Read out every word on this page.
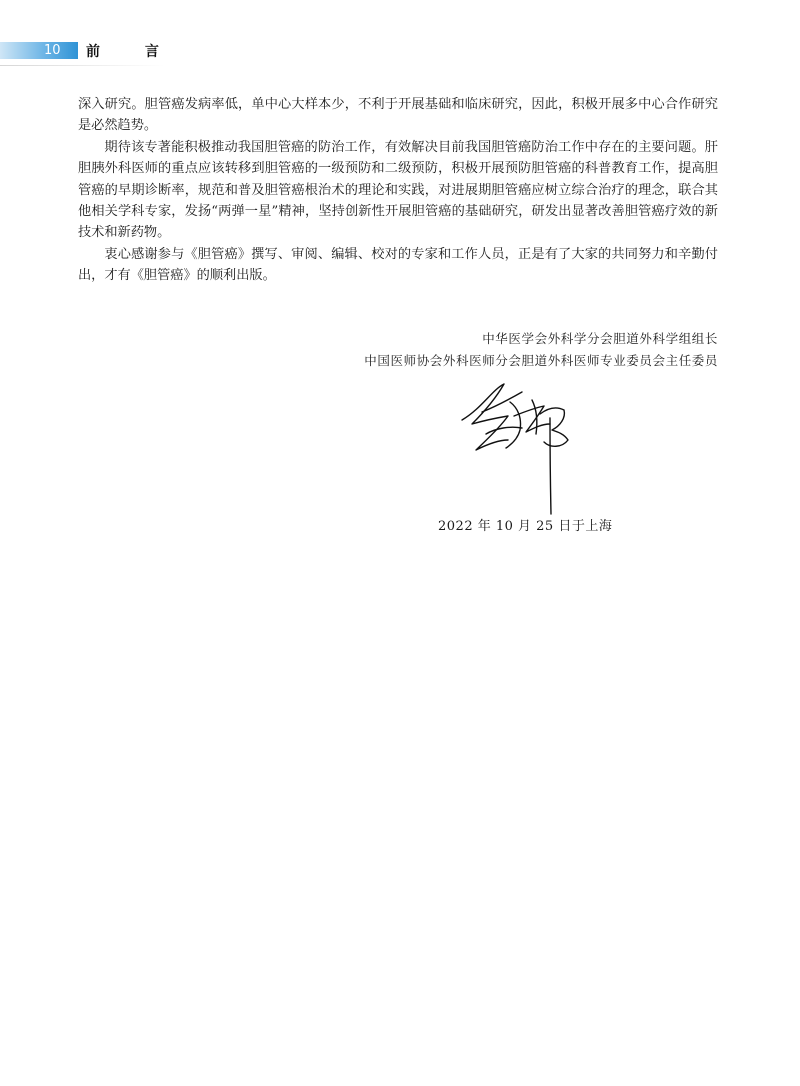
10	前 言

深入研究。胆管癌发病率低，单中心大样本少，不利于开展基础和临床研究，因此，积极开展多中心合作研究是必然趋势。

期待该专著能积极推动我国胆管癌的防治工作，有效解决目前我国胆管癌防治工作中存在的主要问题。肝胆胰外科医师的重点应该转移到胆管癌的一级预防和二级预防，积极开展预防胆管癌的科普教育工作，提高胆管癌的早期诊断率，规范和普及胆管癌根治术的理论和实践，对进展期胆管癌应树立综合治疗的理念，联合其他相关学科专家，发扬“两弹一星”精神，坚持创新性开展胆管癌的基础研究，研发出显著改善胆管癌疗效的新技术和新药物。

衷心感谢参与《胆管癌》撰写、审阅、编辑、校对的专家和工作人员，正是有了大家的共同努力和辛勤付出，才有《胆管癌》的顺利出版。

中华医学会外科学分会胆道外科学组组长
中国医师协会外科医师分会胆道外科医师专业委员会主任委员
2022 年 10 月 25 日于上海
